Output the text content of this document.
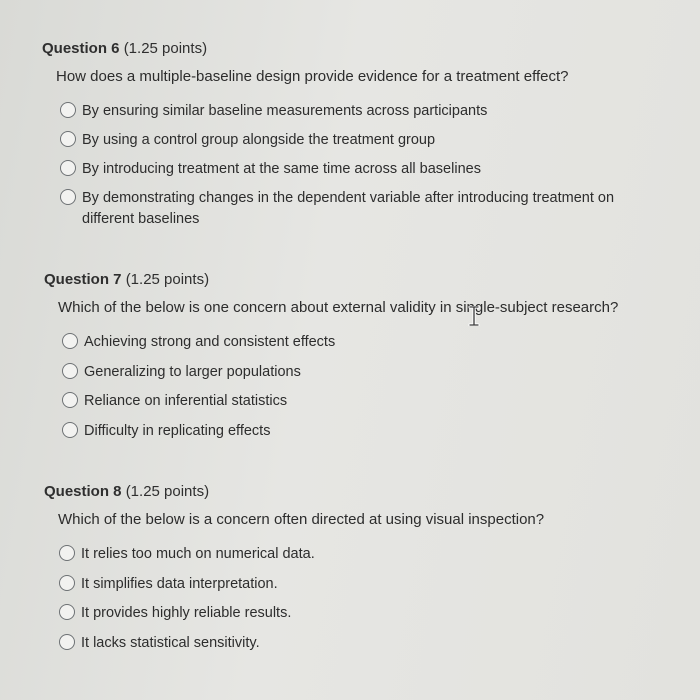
Question 6 (1.25 points)
How does a multiple-baseline design provide evidence for a treatment effect?
By ensuring similar baseline measurements across participants
By using a control group alongside the treatment group
By introducing treatment at the same time across all baselines
By demonstrating changes in the dependent variable after introducing treatment on different baselines
Question 7 (1.25 points)
Which of the below is one concern about external validity in single-subject research?
Achieving strong and consistent effects
Generalizing to larger populations
Reliance on inferential statistics
Difficulty in replicating effects
Question 8 (1.25 points)
Which of the below is a concern often directed at using visual inspection?
It relies too much on numerical data.
It simplifies data interpretation.
It provides highly reliable results.
It lacks statistical sensitivity.
